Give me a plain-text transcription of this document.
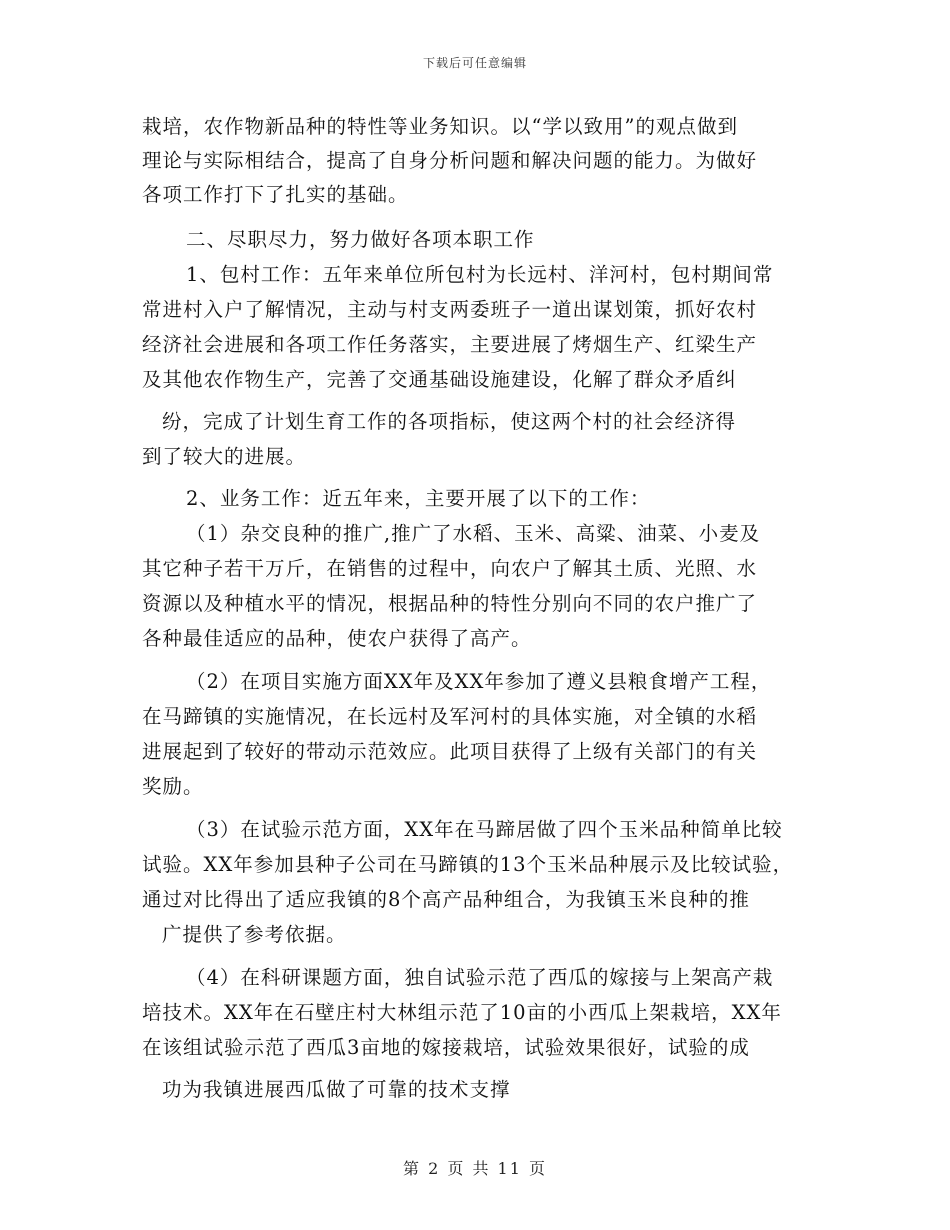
下载后可任意编辑
栽培，农作物新品种的特性等业务知识。以“学以致用”的观点做到
理论与实际相结合，提高了自身分析问题和解决问题的能力。为做好
各项工作打下了扎实的基础。
二、尽职尽力，努力做好各项本职工作
1、包村工作：五年来单位所包村为长远村、洋河村，包村期间常
常进村入户了解情况，主动与村支两委班子一道出谋划策，抓好农村
经济社会进展和各项工作任务落实，主要进展了烤烟生产、红梁生产
及其他农作物生产，完善了交通基础设施建设，化解了群众矛盾纠
纷，完成了计划生育工作的各项指标，使这两个村的社会经济得
到了较大的进展。
2、业务工作：近五年来，主要开展了以下的工作：
（1）杂交良种的推广,推广了水稻、玉米、高粱、油菜、小麦及
其它种子若干万斤，在销售的过程中，向农户了解其土质、光照、水
资源以及种植水平的情况，根据品种的特性分别向不同的农户推广了
各种最佳适应的品种，使农户获得了高产。
（2）在项目实施方面XX年及XX年参加了遵义县粮食增产工程，
在马蹄镇的实施情况，在长远村及军河村的具体实施，对全镇的水稻
进展起到了较好的带动示范效应。此项目获得了上级有关部门的有关
奖励。
（3）在试验示范方面，XX年在马蹄居做了四个玉米品种简单比较
试验。XX年参加县种子公司在马蹄镇的13个玉米品种展示及比较试验，
通过对比得出了适应我镇的8个高产品种组合，为我镇玉米良种的推
广提供了参考依据。
（4）在科研课题方面，独自试验示范了西瓜的嫁接与上架高产栽
培技术。XX年在石壁庄村大林组示范了10亩的小西瓜上架栽培，XX年
在该组试验示范了西瓜3亩地的嫁接栽培，试验效果很好，试验的成
功为我镇进展西瓜做了可靠的技术支撑
第 2 页 共 11 页
